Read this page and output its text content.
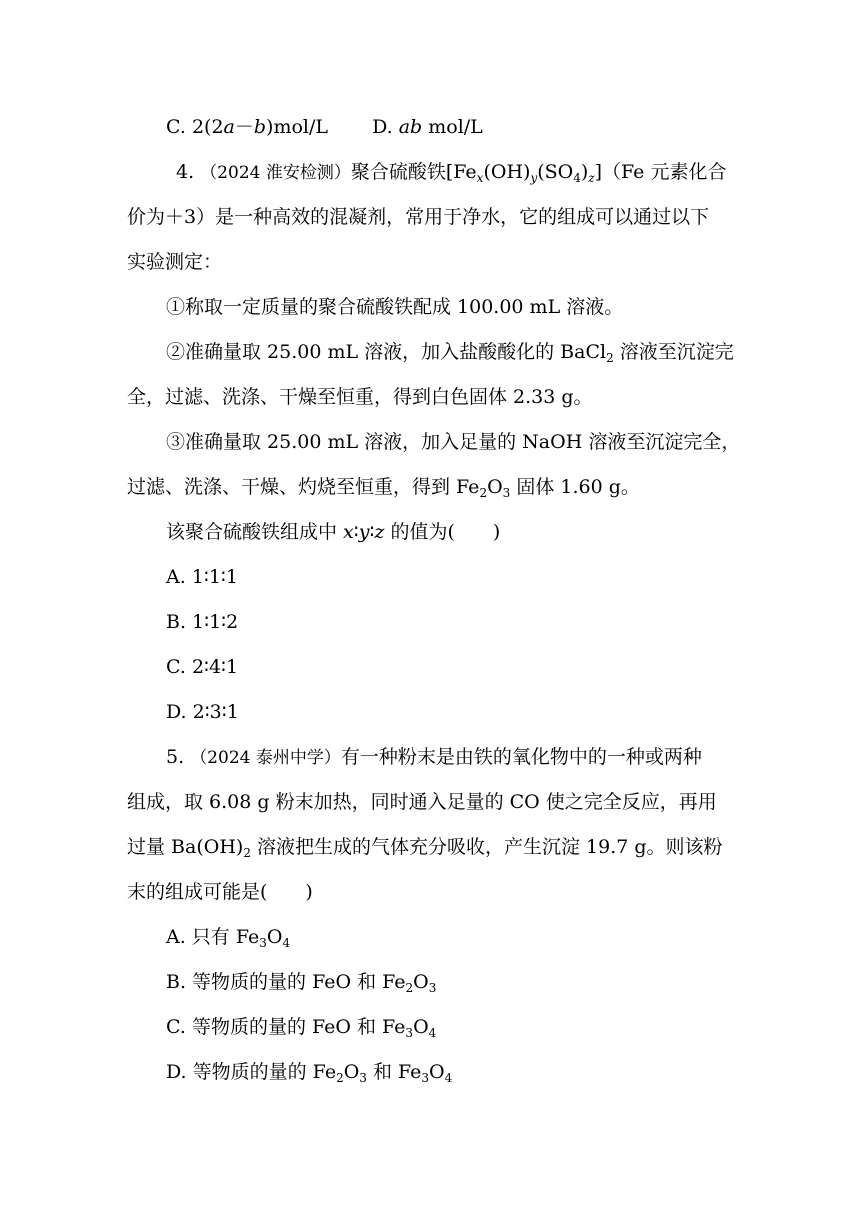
C. 2(2a－b)mol/L D. ab mol/L
4. （2024 淮安检测）聚合硫酸铁$[Fe_x(OH)_y(SO_4)_z](Fe$ 元素化合
价为＋3）是一种高效的混凝剂，常用于净水，它的组成可以通过以下
实验测定：
①称取一定质量的聚合硫酸铁配成 100.00 mL 溶液。
②准确量取 25.00 mL 溶液，加入盐酸酸化的 BaCl$_2$ 溶液至沉淀完
全，过滤、洗涤、干燥至恒重，得到白色固体 2.33 g。
③准确量取 25.00 mL 溶液，加入足量的 NaOH 溶液至沉淀完全，
过滤、洗涤、干燥、灼烧至恒重，得到 $Fe_2O_3$ 固体 1.60 g。
该聚合硫酸铁组成中 x∶y∶z 的值为(　　)
A. 1∶1∶1
B. 1∶1∶2
C. 2∶4∶1
D. 2∶3∶1
5. （2024 泰州中学）有一种粉末是由铁的氧化物中的一种或两种
组成，取 6.08 g 粉末加热，同时通入足量的 CO 使之完全反应，再用
过量 $Ba(OH)_2$ 溶液把生成的气体充分吸收，产生沉淀 19.7 g。则该粉
末的组成可能是(　　)
A. 只有 $Fe_3O_4$
B. 等物质的量的 FeO 和 $Fe_2O_3$
C. 等物质的量的 FeO 和 $Fe_3O_4$
D. 等物质的量的 $Fe_2O_3$ 和 $Fe_3O_4$
